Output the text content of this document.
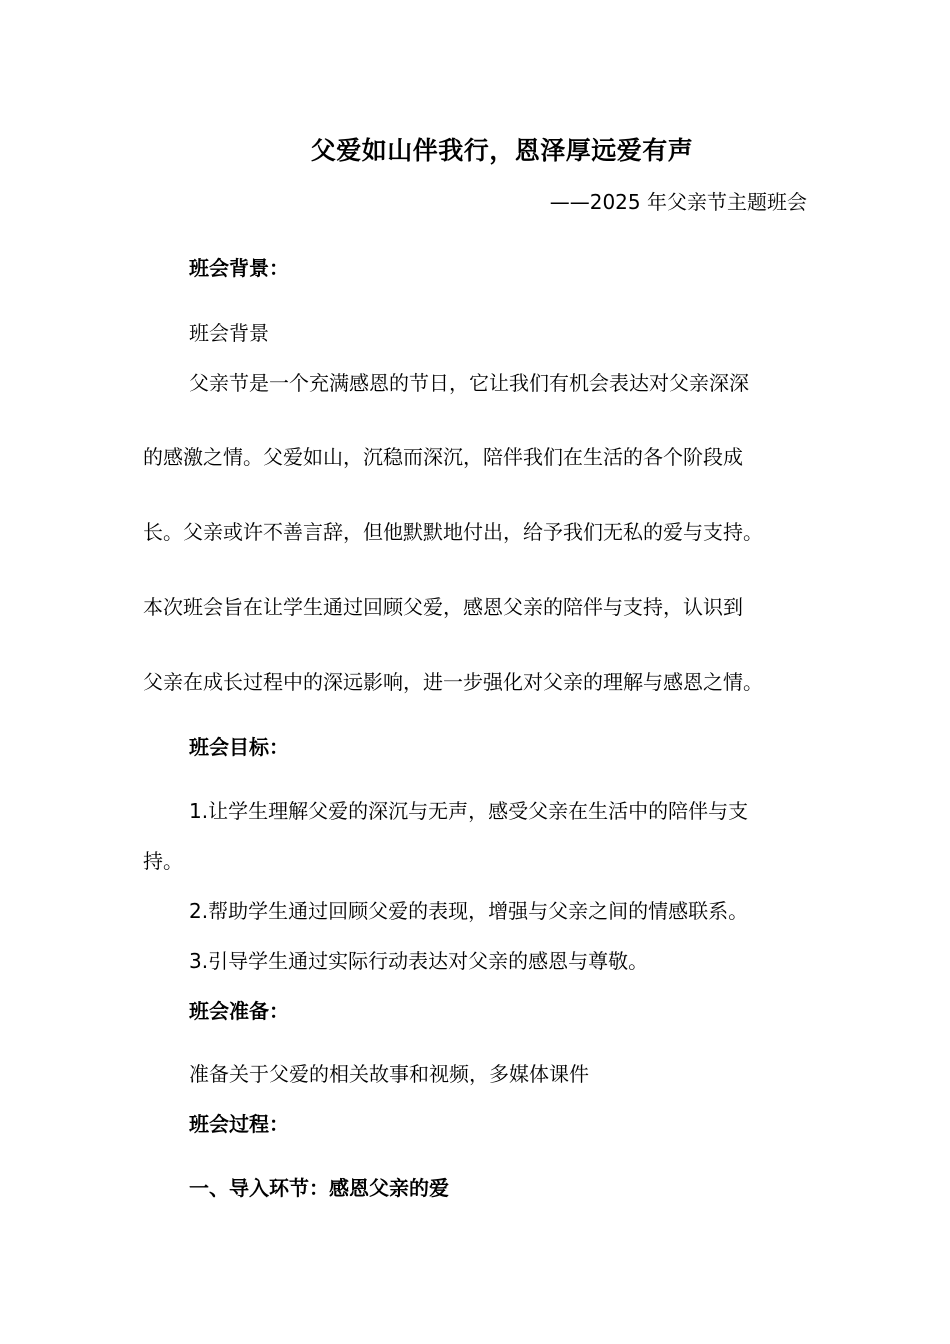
父爱如山伴我行，恩泽厚远爱有声
——2025 年父亲节主题班会
班会背景：
班会背景
父亲节是一个充满感恩的节日，它让我们有机会表达对父亲深深
的感激之情。父爱如山，沉稳而深沉，陪伴我们在生活的各个阶段成
长。父亲或许不善言辞，但他默默地付出，给予我们无私的爱与支持。
本次班会旨在让学生通过回顾父爱，感恩父亲的陪伴与支持，认识到
父亲在成长过程中的深远影响，进一步强化对父亲的理解与感恩之情。
班会目标：
1.让学生理解父爱的深沉与无声，感受父亲在生活中的陪伴与支
持。
2.帮助学生通过回顾父爱的表现，增强与父亲之间的情感联系。
3.引导学生通过实际行动表达对父亲的感恩与尊敬。
班会准备：
准备关于父爱的相关故事和视频，多媒体课件
班会过程：
一、导入环节：感恩父亲的爱
